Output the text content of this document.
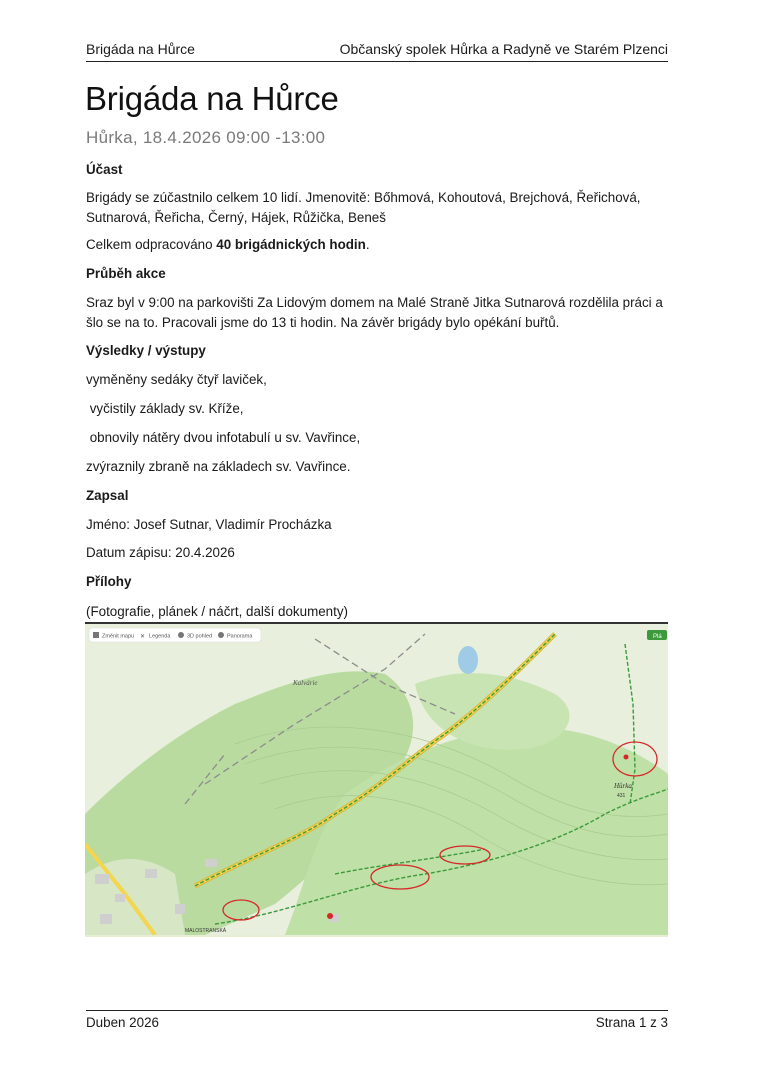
Brigáda na Hůrce	Občanský spolek Hůrka a Radyně ve Starém Plzenci
Brigáda na Hůrce
Hůrka, 18.4.2026 09:00 -13:00
Účast
Brigády se zúčastnilo celkem 10 lidí. Jmenovitě: Bőhmová, Kohoutová, Brejchová, Řeřichová, Sutnarová, Řeřicha, Černý, Hájek, Růžička, Beneš
Celkem odpracováno 40 brigádnických hodin.
Průběh akce
Sraz byl v 9:00 na parkovišti Za Lidovým domem na Malé Straně Jitka Sutnarová rozdělila práci a šlo se na to. Pracovali jsme do 13 ti hodin. Na závěr brigády bylo opékání buřtů.
Výsledky / výstupy
vyměněny sedáky čtyř laviček,
vyčistily základy sv. Kříže,
obnovily nátěry dvou infotabulí u sv. Vavřince,
zvýraznily zbraně na základech sv. Vavřince.
Zapsal
Jméno: Josef Sutnar, Vladimír Procházka
Datum zápisu: 20.4.2026
Přílohy
(Fotografie, plánek / náčrt, další dokumenty)
Kalvárie
Hůrka
431
MALOSTRANSKÁ
Změnit mapu	Legenda	3D pohled	Panorama
✕	Plá
Duben 2026	Strana 1 z 3
